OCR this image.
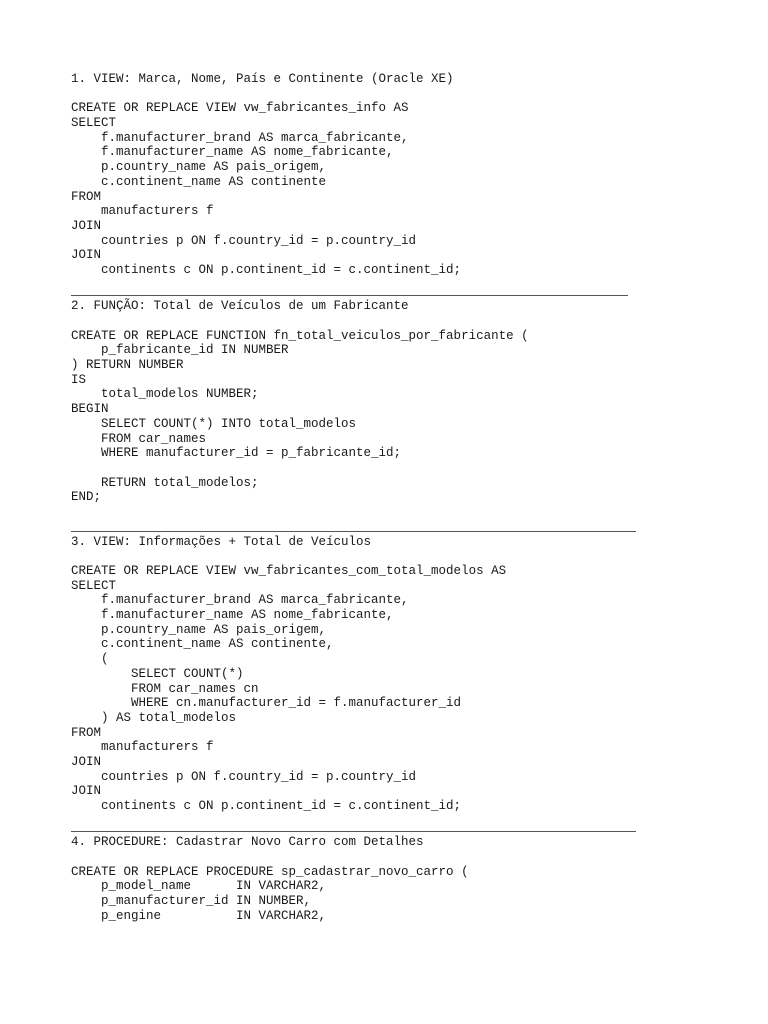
1. VIEW: Marca, Nome, País e Continente (Oracle XE)
CREATE OR REPLACE VIEW vw_fabricantes_info AS
SELECT
f.manufacturer_brand AS marca_fabricante,
f.manufacturer_name AS nome_fabricante,
p.country_name AS pais_origem,
c.continent_name AS continente
FROM
manufacturers f
JOIN
countries p ON f.country_id = p.country_id
JOIN
continents c ON p.continent_id = c.continent_id;
2. FUNÇÃO: Total de Veículos de um Fabricante
CREATE OR REPLACE FUNCTION fn_total_veiculos_por_fabricante (
p_fabricante_id IN NUMBER
) RETURN NUMBER
IS
total_modelos NUMBER;
BEGIN
SELECT COUNT(*) INTO total_modelos
FROM car_names
WHERE manufacturer_id = p_fabricante_id;
RETURN total_modelos;
END;
3. VIEW: Informações + Total de Veículos
CREATE OR REPLACE VIEW vw_fabricantes_com_total_modelos AS
SELECT
f.manufacturer_brand AS marca_fabricante,
f.manufacturer_name AS nome_fabricante,
p.country_name AS pais_origem,
c.continent_name AS continente,
(
SELECT COUNT(*)
FROM car_names cn
WHERE cn.manufacturer_id = f.manufacturer_id
) AS total_modelos
FROM
manufacturers f
JOIN
countries p ON f.country_id = p.country_id
JOIN
continents c ON p.continent_id = c.continent_id;
4. PROCEDURE: Cadastrar Novo Carro com Detalhes
CREATE OR REPLACE PROCEDURE sp_cadastrar_novo_carro (
p_model_name      IN VARCHAR2,
p_manufacturer_id IN NUMBER,
p_engine          IN VARCHAR2,
